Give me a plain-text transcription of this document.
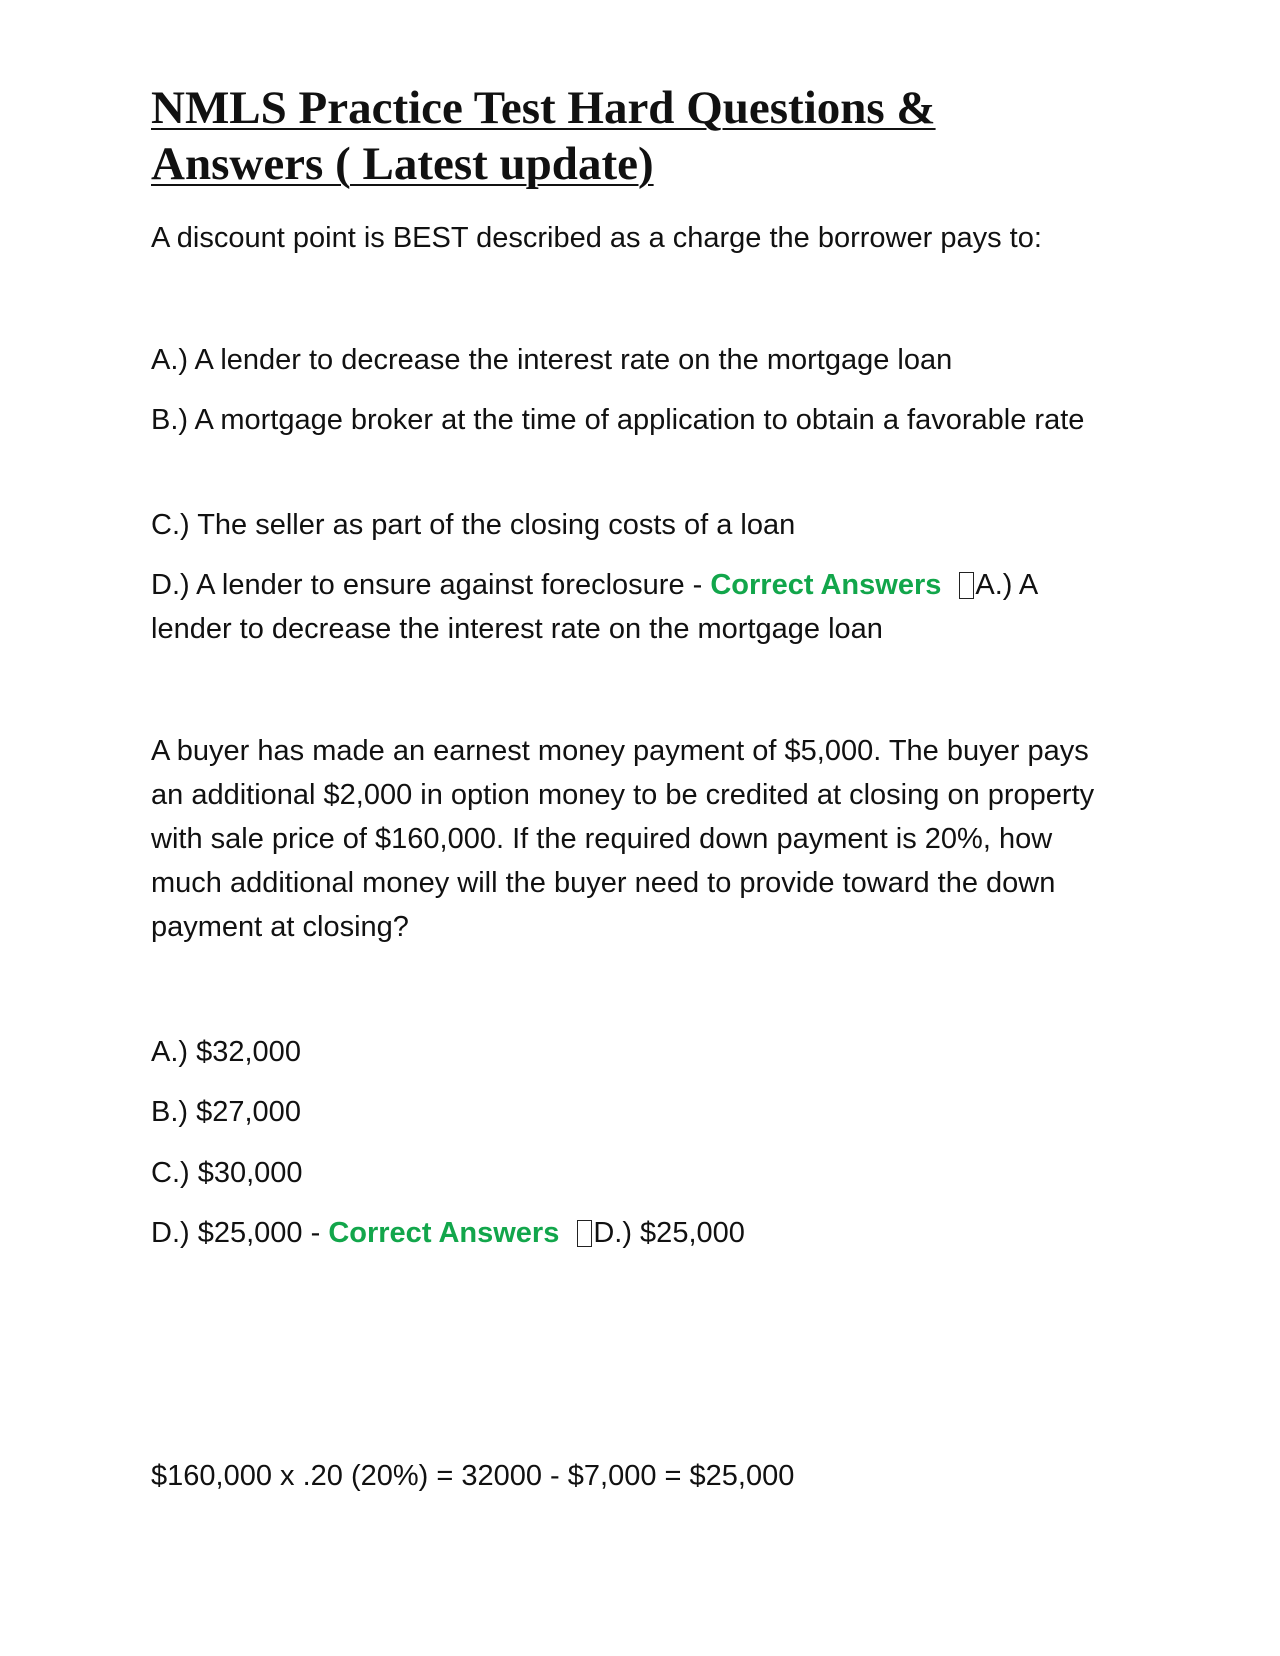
NMLS Practice Test Hard Questions & Answers ( Latest update)

A discount point is BEST described as a charge the borrower pays to:

A.) A lender to decrease the interest rate on the mortgage loan

B.) A mortgage broker at the time of application to obtain a favorable rate

C.) The seller as part of the closing costs of a loan

D.) A lender to ensure against foreclosure - Correct Answers A.) A

lender to decrease the interest rate on the mortgage loan

A buyer has made an earnest money payment of $5,000. The buyer pays an additional $2,000 in option money to be credited at closing on property with sale price of $160,000. If the required down payment is 20%, how much additional money will the buyer need to provide toward the down payment at closing?

A.) $32,000

B.) $27,000

C.) $30,000

D.) $25,000 - Correct Answers D.) $25,000

$160,000 x .20 (20%) = 32000 - $7,000 = $25,000
